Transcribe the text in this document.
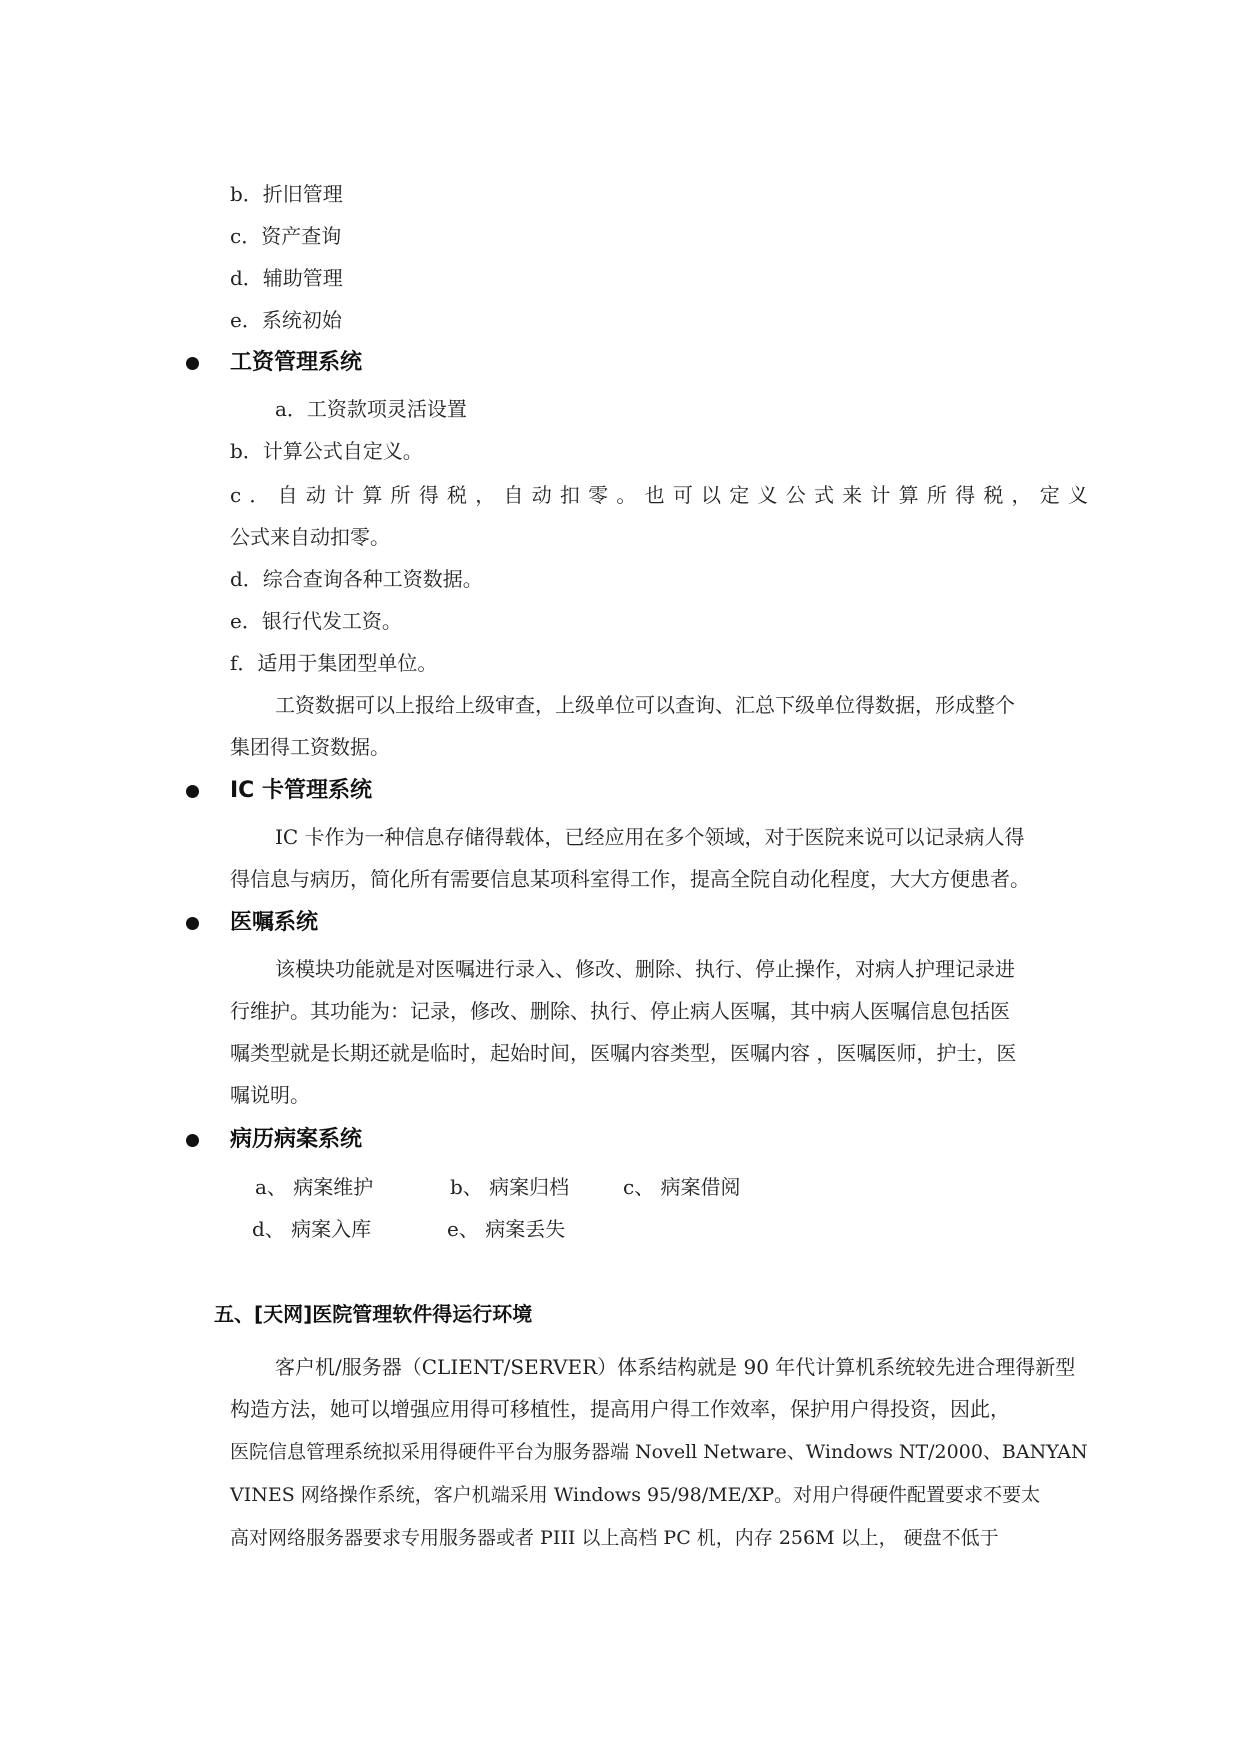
b．折旧管理
c．资产查询
d．辅助管理
e．系统初始
工资管理系统
a．工资款项灵活设置
b．计算公式自定义。
c．自动计算所得税，自动扣零。也可以定义公式来计算所得税，定义
公式来自动扣零。
d．综合查询各种工资数据。
e．银行代发工资。
f．适用于集团型单位。
工资数据可以上报给上级审查，上级单位可以查询、汇总下级单位得数据，形成整个
集团得工资数据。
IC 卡管理系统
IC 卡作为一种信息存储得载体，已经应用在多个领域，对于医院来说可以记录病人得
得信息与病历，简化所有需要信息某项科室得工作，提高全院自动化程度，大大方便患者。
医嘱系统
该模块功能就是对医嘱进行录入、修改、删除、执行、停止操作，对病人护理记录进
行维护。其功能为：记录，修改、删除、执行、停止病人医嘱，其中病人医嘱信息包括医
嘱类型就是长期还就是临时，起始时间，医嘱内容类型，医嘱内容 ，医嘱医师，护士，医
嘱说明。
病历病案系统
a、 病案维护	b、 病案归档	c、 病案借阅
d、 病案入库	e、 病案丢失
五、[天网]医院管理软件得运行环境
客户机/服务器（CLIENT/SERVER）体系结构就是 90 年代计算机系统较先进合理得新型
构造方法，她可以增强应用得可移植性，提高用户得工作效率，保护用户得投资，因此，
医院信息管理系统拟采用得硬件平台为服务器端 Novell Netware、Windows NT/2000、BANYAN
VINES 网络操作系统，客户机端采用 Windows 95/98/ME/XP。对用户得硬件配置要求不要太
高对网络服务器要求专用服务器或者 PIII 以上高档 PC 机，内存 256M 以上， 硬盘不低于
